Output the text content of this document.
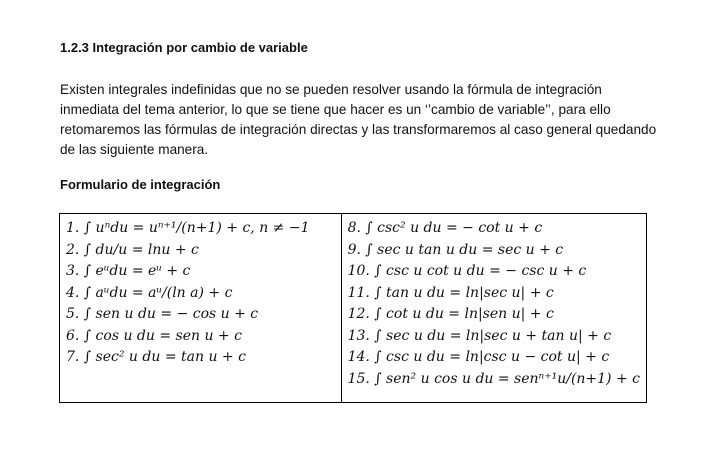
1.2.3 Integración por cambio de variable
Existen integrales indefinidas que no se pueden resolver usando la fórmula de integración inmediata del tema anterior, lo que se tiene que hacer es un ‘’cambio de variable’’, para ello retomaremos las fórmulas de integración directas y las transformaremos al caso general quedando de las siguiente manera.
Formulario de integración
1. ∫ uⁿdu = uⁿ⁺¹/(n+1) + c, n ≠ −1
2. ∫ du/u = lnu + c
3. ∫ eᵘdu = eᵘ + c
4. ∫ aᵘdu = aᵘ/(ln a) + c
5. ∫ sen u du = − cos u + c
6. ∫ cos u du = sen u + c
7. ∫ sec² u du = tan u + c
8. ∫ csc² u du = − cot u + c
9. ∫ sec u tan u du = sec u + c
10. ∫ csc u cot u du = − csc u + c
11. ∫ tan u du = ln|sec u| + c
12. ∫ cot u du = ln|sen u| + c
13. ∫ sec u du = ln|sec u + tan u| + c
14. ∫ csc u du = ln|csc u − cot u| + c
15. ∫ sen² u cos u du = senⁿ⁺¹u/(n+1) + c
